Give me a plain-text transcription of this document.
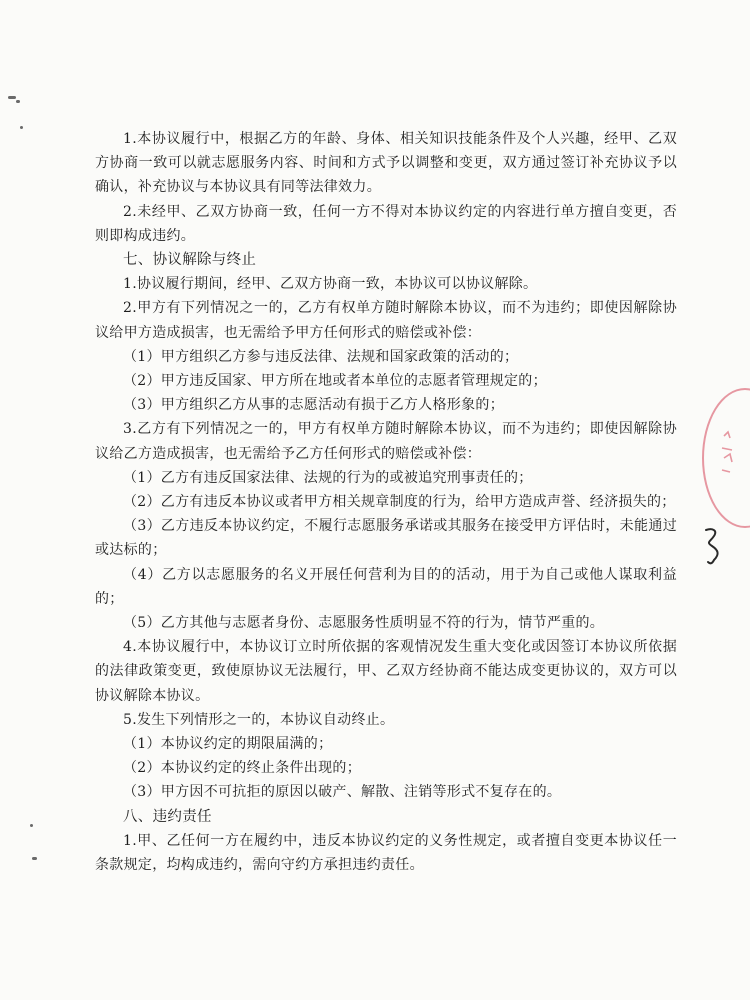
1.本协议履行中，根据乙方的年龄、身体、相关知识技能条件及个人兴趣，经甲、乙双方协商一致可以就志愿服务内容、时间和方式予以调整和变更，双方通过签订补充协议予以确认，补充协议与本协议具有同等法律效力。

2.未经甲、乙双方协商一致，任何一方不得对本协议约定的内容进行单方擅自变更，否则即构成违约。

七、协议解除与终止

1.协议履行期间，经甲、乙双方协商一致，本协议可以协议解除。

2.甲方有下列情况之一的，乙方有权单方随时解除本协议，而不为违约；即使因解除协议给甲方造成损害，也无需给予甲方任何形式的赔偿或补偿：

（1）甲方组织乙方参与违反法律、法规和国家政策的活动的；

（2）甲方违反国家、甲方所在地或者本单位的志愿者管理规定的；

（3）甲方组织乙方从事的志愿活动有损于乙方人格形象的；

3.乙方有下列情况之一的，甲方有权单方随时解除本协议，而不为违约；即使因解除协议给乙方造成损害，也无需给予乙方任何形式的赔偿或补偿：

（1）乙方有违反国家法律、法规的行为的或被追究刑事责任的；

（2）乙方有违反本协议或者甲方相关规章制度的行为，给甲方造成声誉、经济损失的；

（3）乙方违反本协议约定，不履行志愿服务承诺或其服务在接受甲方评估时，未能通过或达标的；

（4）乙方以志愿服务的名义开展任何营利为目的的活动，用于为自己或他人谋取利益的；

（5）乙方其他与志愿者身份、志愿服务性质明显不符的行为，情节严重的。

4.本协议履行中，本协议订立时所依据的客观情况发生重大变化或因签订本协议所依据的法律政策变更，致使原协议无法履行，甲、乙双方经协商不能达成变更协议的，双方可以协议解除本协议。

5.发生下列情形之一的，本协议自动终止。

（1）本协议约定的期限届满的；

（2）本协议约定的终止条件出现的；

（3）甲方因不可抗拒的原因以破产、解散、注销等形式不复存在的。

八、违约责任

1.甲、乙任何一方在履约中，违反本协议约定的义务性规定，或者擅自变更本协议任一条款规定，均构成违约，需向守约方承担违约责任。
